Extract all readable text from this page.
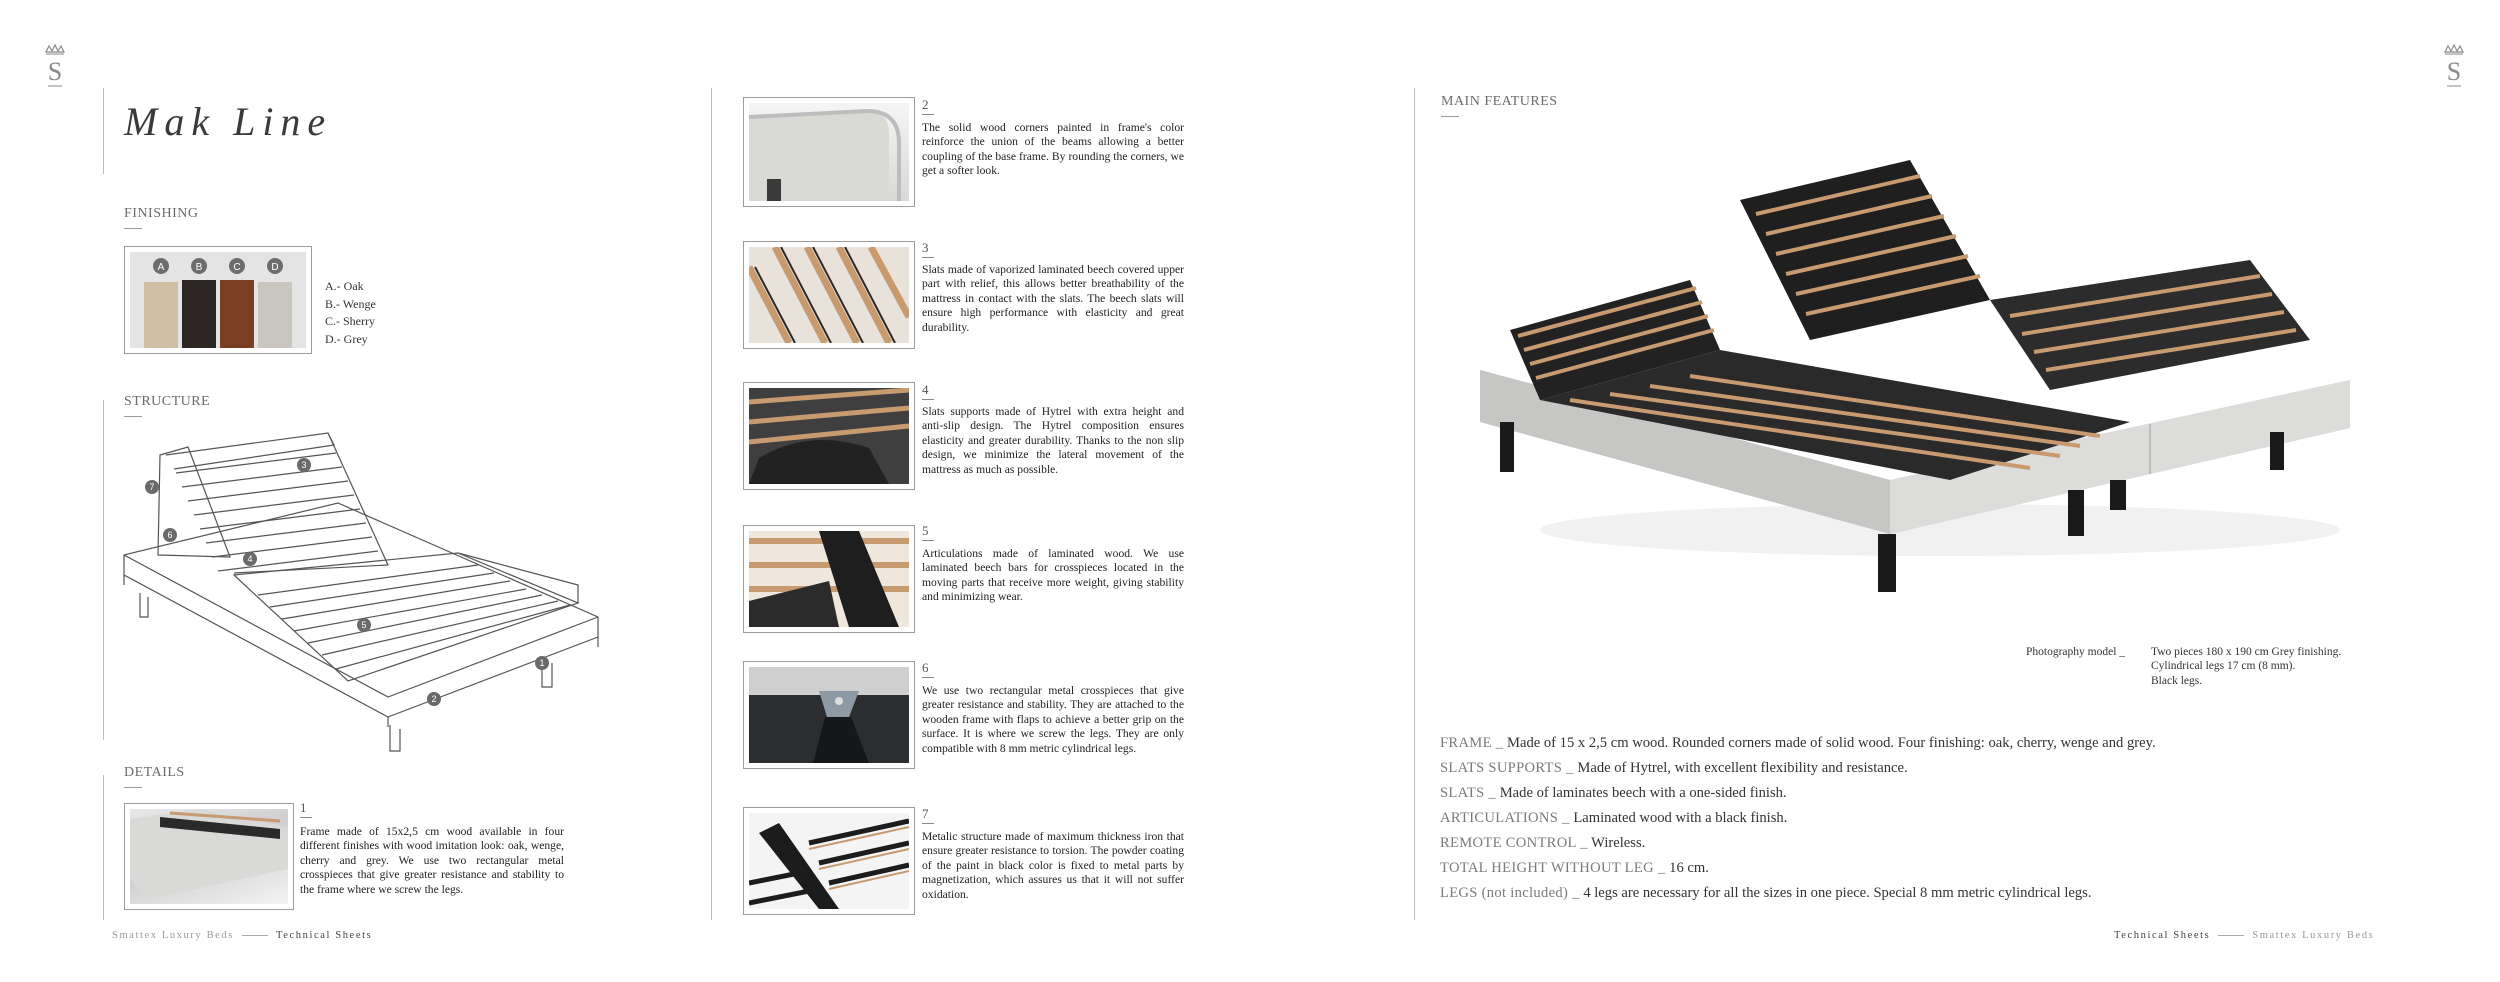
S	S
Mak Line
FINISHING
A	B	C	D
A.- Oak
B.- Wenge
C.- Sherry
D.- Grey
STRUCTURE
3
7
6
4
5
1
2
DETAILS
1
Frame made of 15x2,5 cm wood available in four different finishes with wood imitation look: oak, wenge, cherry and grey. We use two rectangular metal crosspieces that give greater resistance and stability to the frame where we screw the legs.
2
The solid wood corners painted in frame's color reinforce the union of the beams allowing a better coupling of the base frame. By rounding the corners, we get a softer look.
3
Slats made of vaporized laminated beech covered upper part with relief, this allows better breathability of the mattress in contact with the slats. The beech slats will ensure high performance with elasticity and great durability.
4
Slats supports made of Hytrel with extra height and anti-slip design. The Hytrel composition ensures elasticity and greater durability. Thanks to the non slip design, we minimize the lateral movement of the mattress as much as possible.
5
Articulations made of laminated wood. We use laminated beech bars for crosspieces located in the moving parts that receive more weight, giving stability and minimizing wear.
6
We use two rectangular metal crosspieces that give greater resistance and stability. They are attached to the wooden frame with flaps to achieve a better grip on the surface. It is where we screw the legs. They are only compatible with 8 mm metric cylindrical legs.
7
Metalic structure made of maximum thickness iron that ensure greater resistance to torsion. The powder coating of the paint in black color is fixed to metal parts by magnetization, which assures us that it will not suffer oxidation.
MAIN FEATURES
Photography model _ Two pieces 180 x 190 cm Grey finishing.
Cylindrical legs 17 cm (8 mm).
Black legs.
FRAME _ Made of 15 x 2,5 cm wood. Rounded corners made of solid wood. Four finishing: oak, cherry, wenge and grey.
SLATS SUPPORTS _ Made of Hytrel, with excellent flexibility and resistance.
SLATS _ Made of laminates beech with a one-sided finish.
ARTICULATIONS _ Laminated wood with a black finish.
REMOTE CONTROL _ Wireless.
TOTAL HEIGHT WITHOUT LEG _ 16 cm.
LEGS (not included) _ 4 legs are necessary for all the sizes in one piece. Special 8 mm metric cylindrical legs.
Smattex Luxury Beds	Technical Sheets	Technical Sheets	Smattex Luxury Beds
